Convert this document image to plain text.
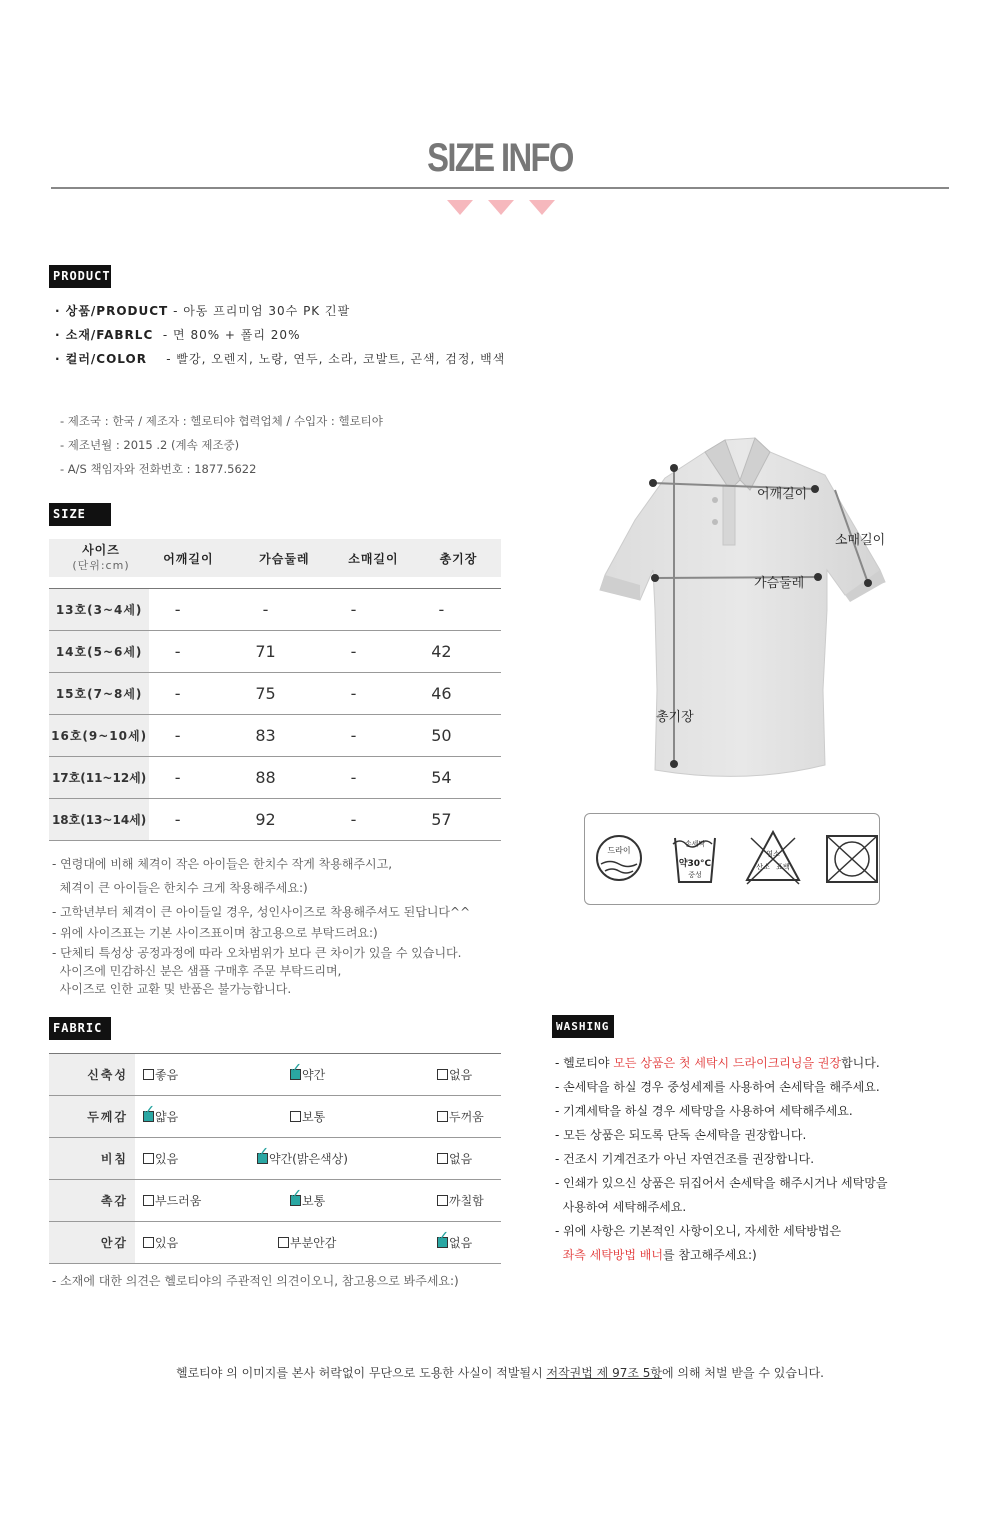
SIZE INFO
PRODUCT
· 상품/PRODUCT - 아동 프리미엄 30수 PK 긴팔
· 소재/FABRLC  - 면 80% + 폴리 20%
· 컬러/COLOR    - 빨강, 오렌지, 노랑, 연두, 소라, 코발트, 곤색, 검정, 백색
- 제조국 : 한국 / 제조자 : 헬로티야 협력업체 / 수입자 : 헬로티야
- 제조년월 : 2015 .2 (계속 제조중)
- A/S 책임자와 전화번호 : 1877.5622
SIZE
사이즈
(단위:cm)	어깨길이	가슴둘레	소매길이	총기장
13호(3~4세)	-	-	-	-
14호(5~6세)	-	71	-	42
15호(7~8세)	-	75	-	46
16호(9~10세)	-	83	-	50
17호(11~12세)	-	88	-	54
18호(13~14세)	-	92	-	57
- 연령대에 비해 체격이 작은 아이들은 한치수 작게 착용해주시고,
체격이 큰 아이들은 한치수 크게 착용해주세요:)
- 고학년부터 체격이 큰 아이들일 경우, 성인사이즈로 착용해주셔도 된답니다^^
- 위에 사이즈표는 기본 사이즈표이며 참고용으로 부탁드려요:)
- 단체티 특성상 공정과정에 따라 오차범위가 보다 큰 차이가 있을 수 있습니다.
사이즈에 민감하신 분은 샘플 구매후 주문 부탁드리며,
사이즈로 인한 교환 및 반품은 불가능합니다.
어깨길이
소매길이
가슴둘레
총기장
드라이
손세탁
약30°C
중성
염소
산소 표백
FABRIC
신축성	좋음	✓ 약간	없음
두께감 ✓ 얇음	보통	두꺼움
비침	있음	✓ 약간(밝은색상)	없음
촉감	부드러움	✓ 보통	까칠함
안감	있음	부분안감	✓ 없음
- 소재에 대한 의견은 헬로티야의 주관적인 의견이오니, 참고용으로 봐주세요:)
WASHING
- 헬로티야 모든 상품은 첫 세탁시 드라이크리닝을 권장합니다.
- 손세탁을 하실 경우 중성세제를 사용하여 손세탁을 해주세요.
- 기계세탁을 하실 경우 세탁망을 사용하여 세탁해주세요.
- 모든 상품은 되도록 단독 손세탁을 권장합니다.
- 건조시 기계건조가 아닌 자연건조를 권장합니다.
- 인쇄가 있으신 상품은 뒤집어서 손세탁을 해주시거나 세탁망을
사용하여 세탁해주세요.
- 위에 사항은 기본적인 사항이오니, 자세한 세탁방법은
좌측 세탁방법 배너를 참고해주세요:)
헬로티야 의 이미지를 본사 허락없이 무단으로 도용한 사실이 적발될시 저작권법 제 97조 5항에 의해 처벌 받을 수 있습니다.
